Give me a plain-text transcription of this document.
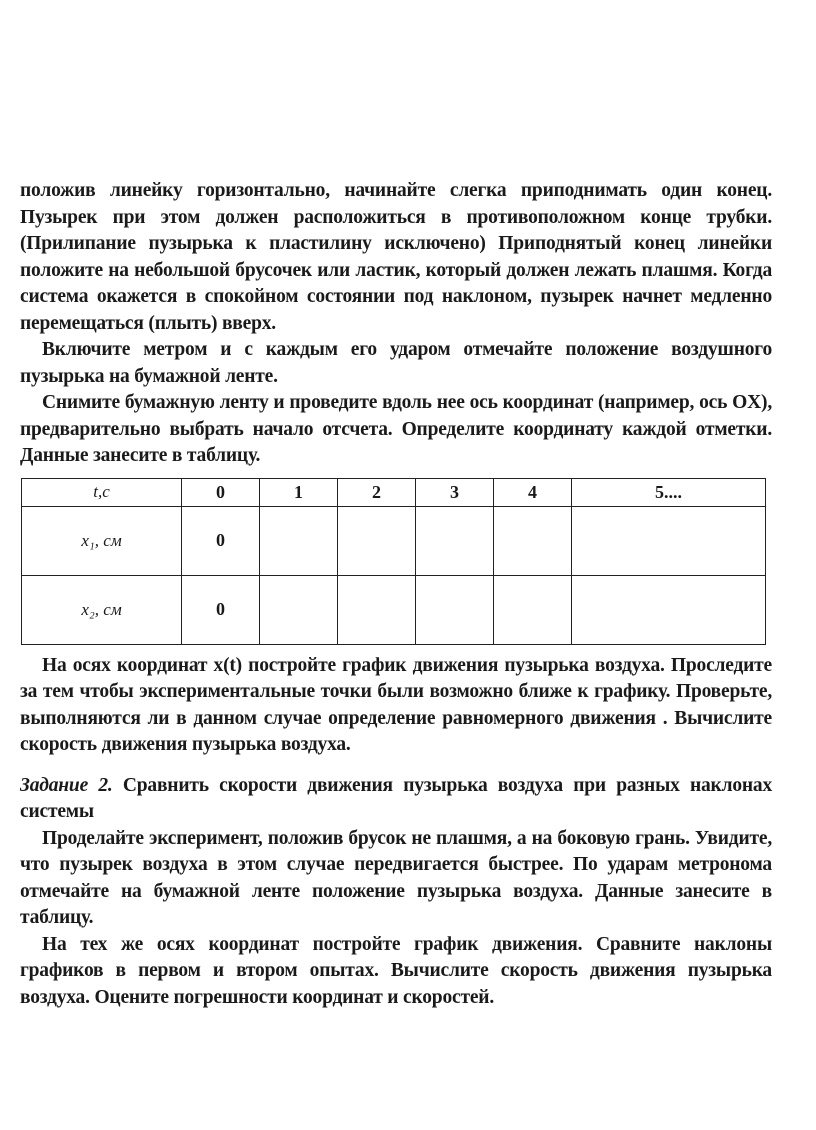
положив линейку горизонтально, начинайте слегка приподнимать один конец. Пузырек при этом должен расположиться в противоположном конце трубки. (Прилипание пузырька к пластилину исключено) Приподнятый конец линейки положите на небольшой брусочек или ластик, который должен лежать плашмя. Когда система окажется в спокойном состоянии под наклоном, пузырек начнет медленно перемещаться (плыть) вверх.

Включите метром и с каждым его ударом отмечайте положение воздушного пузырька на бумажной ленте.

Снимите бумажную ленту и проведите вдоль нее ось координат (например, ось OX), предварительно выбрать начало отсчета. Определите координату каждой отметки. Данные занесите в таблицу.

t,c	0	1	2	3	4	5....
x₁, см	0					
x₂, см	0					

На осях координат x(t) постройте график движения пузырька воздуха. Проследите за тем чтобы экспериментальные точки были возможно ближе к графику. Проверьте, выполняются ли в данном случае определение равномерного движения . Вычислите скорость движения пузырька воздуха.

Задание 2. Сравнить скорости движения пузырька воздуха при разных наклонах системы

Проделайте эксперимент, положив брусок не плашмя, а на боковую грань. Увидите, что пузырек воздуха в этом случае передвигается быстрее. По ударам метронома отмечайте на бумажной ленте положение пузырька воздуха. Данные занесите в таблицу.

На тех же осях координат постройте график движения. Сравните наклоны графиков в первом и втором опытах. Вычислите скорость движения пузырька воздуха. Оцените погрешности координат и скоростей.
